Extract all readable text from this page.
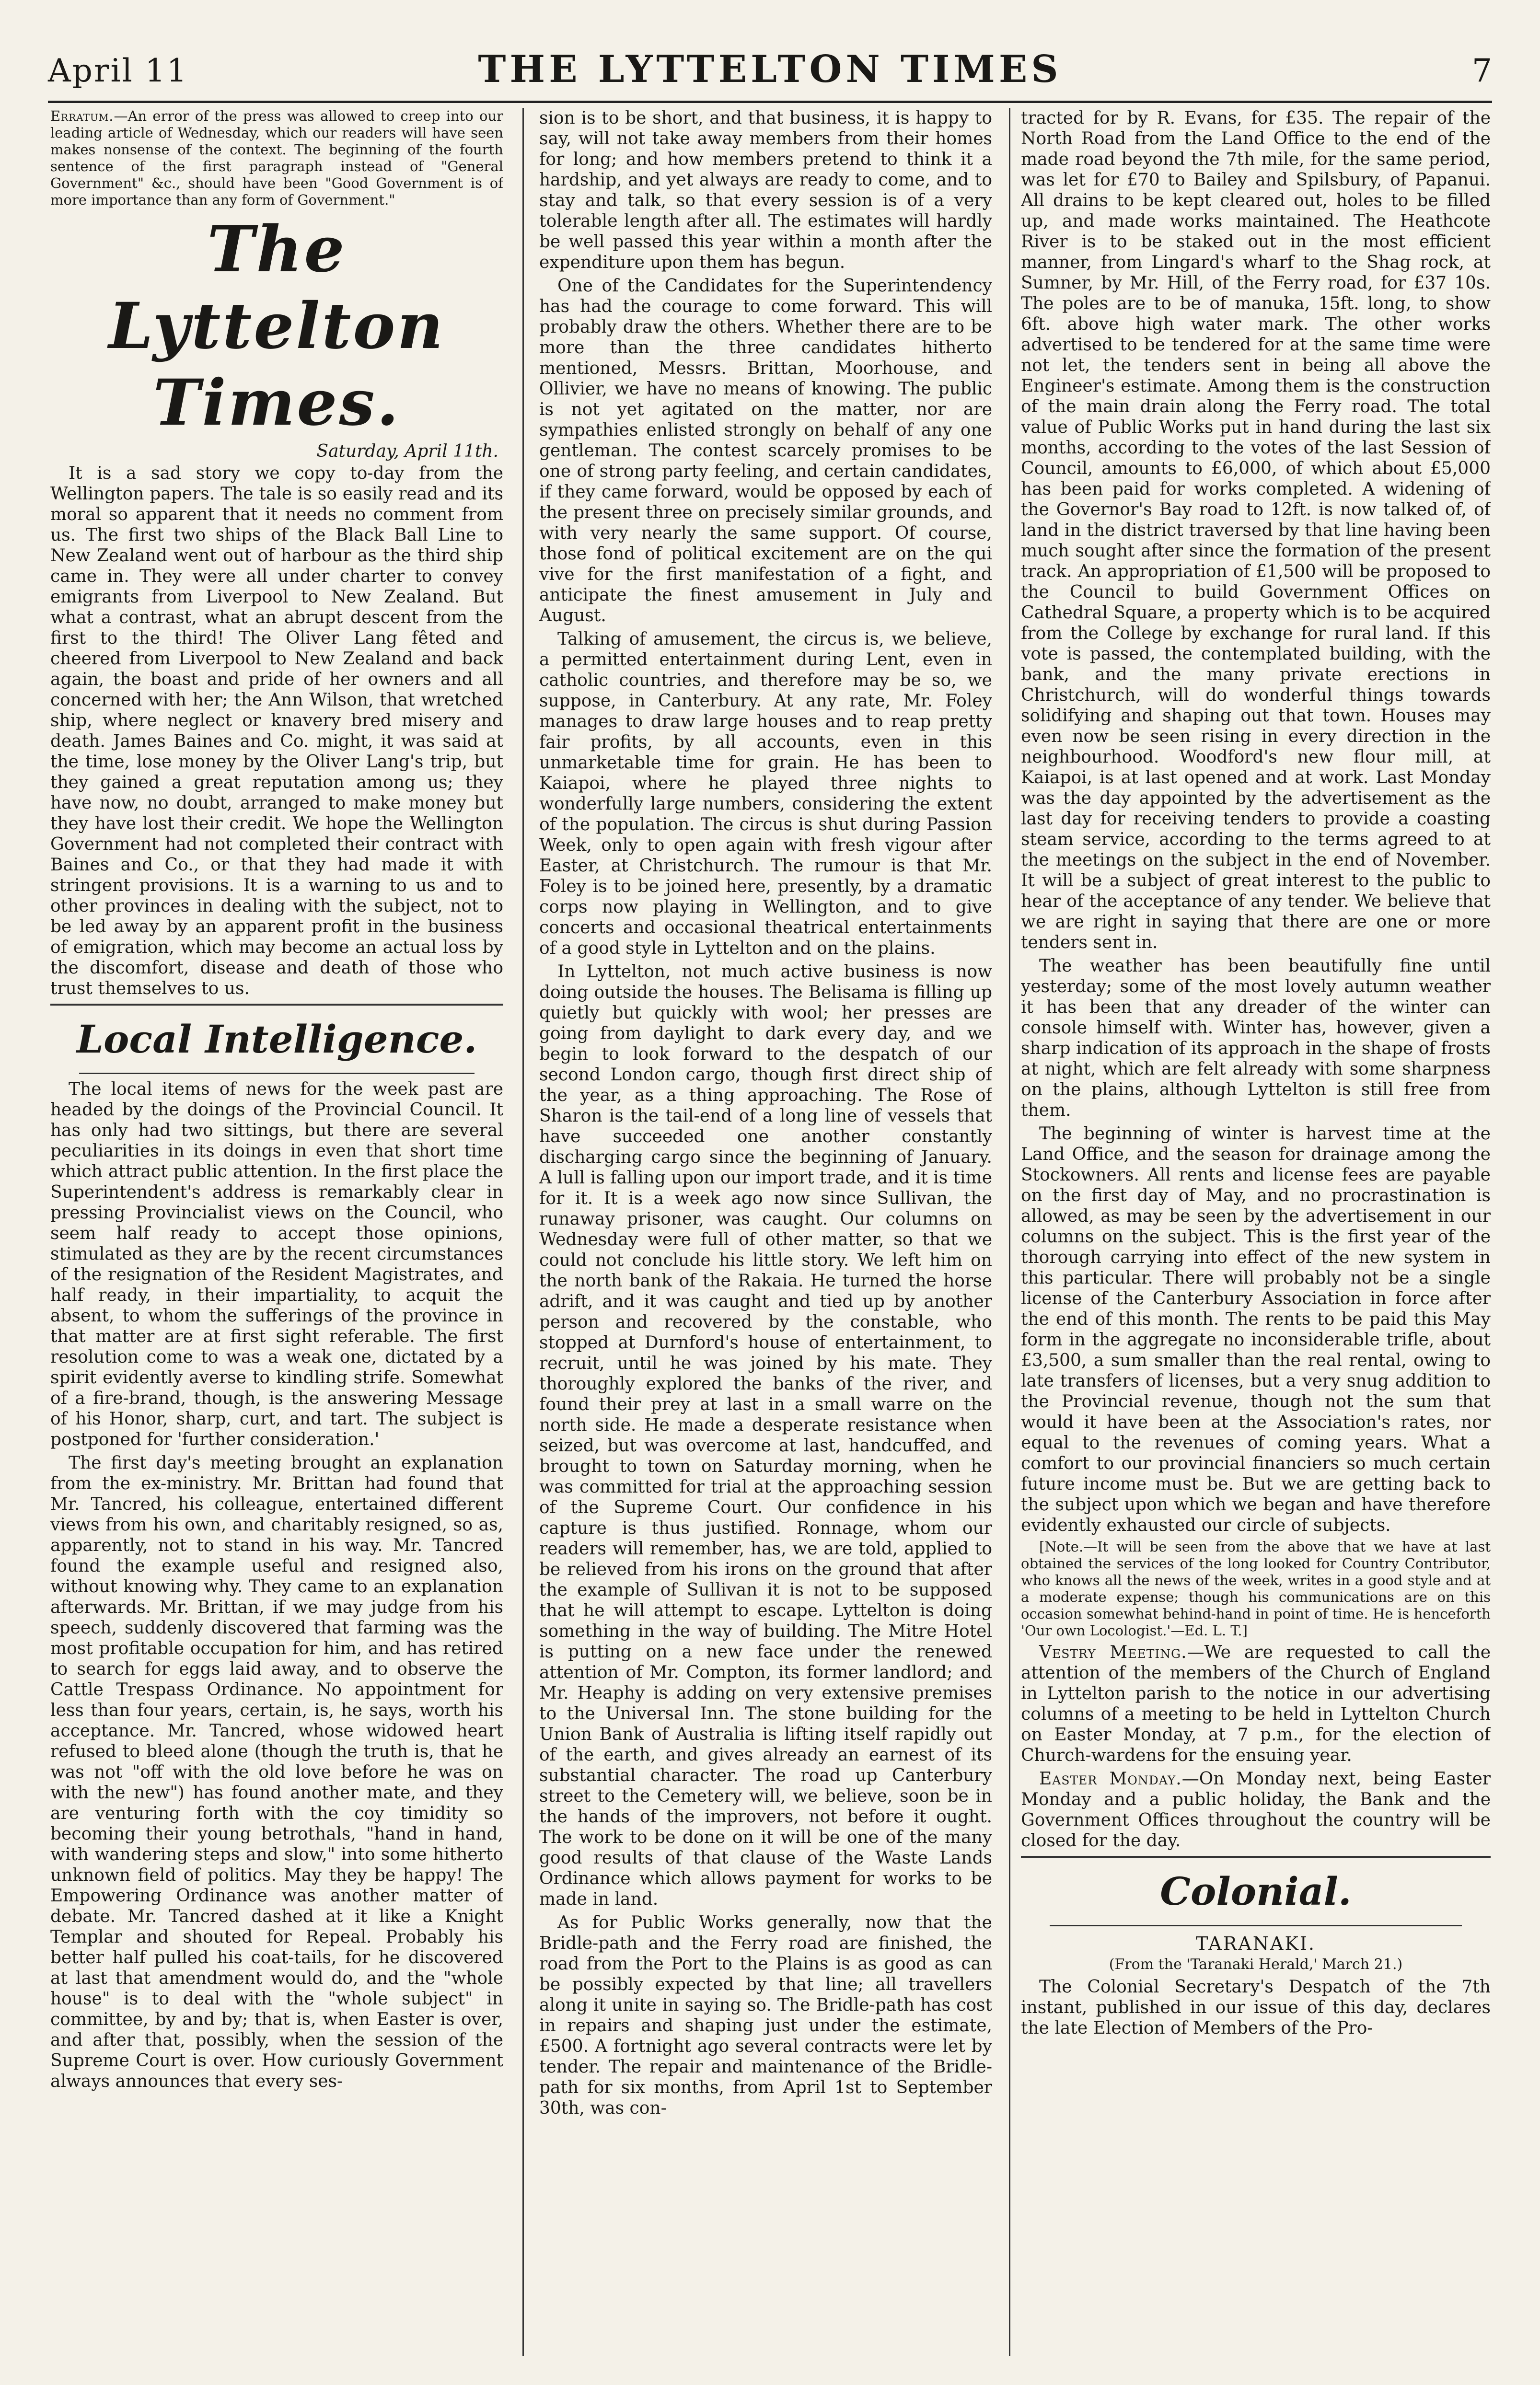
April 11	THE LYTTELTON TIMES	7

Erratum.—An error of the press was allowed to creep into our leading article of Wednesday, which our readers will have seen makes nonsense of the context. The beginning of the fourth sentence of the first paragraph instead of "General Government" &c., should have been "Good Government is of more importance than any form of Government."

The Lyttelton Times.
Saturday, April 11th.

It is a sad story we copy to-day from the Wellington papers. The tale is so easily read and its moral so apparent that it needs no comment from us. The first two ships of the Black Ball Line to New Zealand went out of harbour as the third ship came in. They were all under charter to convey emigrants from Liverpool to New Zealand. But what a contrast, what an abrupt descent from the first to the third! The Oliver Lang fêted and cheered from Liverpool to New Zealand and back again, the boast and pride of her owners and all concerned with her; the Ann Wilson, that wretched ship, where neglect or knavery bred misery and death. James Baines and Co. might, it was said at the time, lose money by the Oliver Lang's trip, but they gained a great reputation among us; they have now, no doubt, arranged to make money but they have lost their credit. We hope the Wellington Government had not completed their contract with Baines and Co., or that they had made it with stringent provisions. It is a warning to us and to other provinces in dealing with the subject, not to be led away by an apparent profit in the business of emigration, which may become an actual loss by the discomfort, disease and death of those who trust themselves to us.

Local Intelligence.

The local items of news for the week past are headed by the doings of the Provincial Council. It has only had two sittings, but there are several peculiarities in its doings in even that short time which attract public attention. In the first place the Superintendent's address is remarkably clear in pressing Provincialist views on the Council, who seem half ready to accept those opinions, stimulated as they are by the recent circumstances of the resignation of the Resident Magistrates, and half ready, in their impartiality, to acquit the absent, to whom the sufferings of the province in that matter are at first sight referable. The first resolution come to was a weak one, dictated by a spirit evidently averse to kindling strife. Somewhat of a fire-brand, though, is the answering Message of his Honor, sharp, curt, and tart. The subject is postponed for 'further consideration.'

The first day's meeting brought an explanation from the ex-ministry. Mr. Brittan had found that Mr. Tancred, his colleague, entertained different views from his own, and charitably resigned, so as, apparently, not to stand in his way. Mr. Tancred found the example useful and resigned also, without knowing why. They came to an explanation afterwards. Mr. Brittan, if we may judge from his speech, suddenly discovered that farming was the most profitable occupation for him, and has retired to search for eggs laid away, and to observe the Cattle Trespass Ordinance. No appointment for less than four years, certain, is, he says, worth his acceptance. Mr. Tancred, whose widowed heart refused to bleed alone (though the truth is, that he was not "off with the old love before he was on with the new") has found another mate, and they are venturing forth with the coy timidity so becoming their young betrothals, "hand in hand, with wandering steps and slow," into some hitherto unknown field of politics. May they be happy! The Empowering Ordinance was another matter of debate. Mr. Tancred dashed at it like a Knight Templar and shouted for Repeal. Probably his better half pulled his coat-tails, for he discovered at last that amendment would do, and the "whole house" is to deal with the "whole subject" in committee, by and by; that is, when Easter is over, and after that, possibly, when the session of the Supreme Court is over. How curiously Government always announces that every ses-

sion is to be short, and that business, it is happy to say, will not take away members from their homes for long; and how members pretend to think it a hardship, and yet always are ready to come, and to stay and talk, so that every session is of a very tolerable length after all. The estimates will hardly be well passed this year within a month after the expenditure upon them has begun.

One of the Candidates for the Superintendency has had the courage to come forward. This will probably draw the others. Whether there are to be more than the three candidates hitherto mentioned, Messrs. Brittan, Moorhouse, and Ollivier, we have no means of knowing. The public is not yet agitated on the matter, nor are sympathies enlisted strongly on behalf of any one gentleman. The contest scarcely promises to be one of strong party feeling, and certain candidates, if they came forward, would be opposed by each of the present three on precisely similar grounds, and with very nearly the same support. Of course, those fond of political excitement are on the qui vive for the first manifestation of a fight, and anticipate the finest amusement in July and August.

Talking of amusement, the circus is, we believe, a permitted entertainment during Lent, even in catholic countries, and therefore may be so, we suppose, in Canterbury. At any rate, Mr. Foley manages to draw large houses and to reap pretty fair profits, by all accounts, even in this unmarketable time for grain. He has been to Kaiapoi, where he played three nights to wonderfully large numbers, considering the extent of the population. The circus is shut during Passion Week, only to open again with fresh vigour after Easter, at Christchurch. The rumour is that Mr. Foley is to be joined here, presently, by a dramatic corps now playing in Wellington, and to give concerts and occasional theatrical entertainments of a good style in Lyttelton and on the plains.

In Lyttelton, not much active business is now doing outside the houses. The Belisama is filling up quietly but quickly with wool; her presses are going from daylight to dark every day, and we begin to look forward to the despatch of our second London cargo, though first direct ship of the year, as a thing approaching. The Rose of Sharon is the tail-end of a long line of vessels that have succeeded one another constantly discharging cargo since the beginning of January. A lull is falling upon our import trade, and it is time for it. It is a week ago now since Sullivan, the runaway prisoner, was caught. Our columns on Wednesday were full of other matter, so that we could not conclude his little story. We left him on the north bank of the Rakaia. He turned the horse adrift, and it was caught and tied up by another person and recovered by the constable, who stopped at Durnford's house of entertainment, to recruit, until he was joined by his mate. They thoroughly explored the banks of the river, and found their prey at last in a small warre on the north side. He made a desperate resistance when seized, but was overcome at last, handcuffed, and brought to town on Saturday morning, when he was committed for trial at the approaching session of the Supreme Court. Our confidence in his capture is thus justified. Ronnage, whom our readers will remember, has, we are told, applied to be relieved from his irons on the ground that after the example of Sullivan it is not to be supposed that he will attempt to escape. Lyttelton is doing something in the way of building. The Mitre Hotel is putting on a new face under the renewed attention of Mr. Compton, its former landlord; and Mr. Heaphy is adding on very extensive premises to the Universal Inn. The stone building for the Union Bank of Australia is lifting itself rapidly out of the earth, and gives already an earnest of its substantial character. The road up Canterbury street to the Cemetery will, we believe, soon be in the hands of the improvers, not before it ought. The work to be done on it will be one of the many good results of that clause of the Waste Lands Ordinance which allows payment for works to be made in land.

As for Public Works generally, now that the Bridle-path and the Ferry road are finished, the road from the Port to the Plains is as good as can be possibly expected by that line; all travellers along it unite in saying so. The Bridle-path has cost in repairs and shaping just under the estimate, £500. A fortnight ago several contracts were let by tender. The repair and maintenance of the Bridle-path for six months, from April 1st to September 30th, was con-

tracted for by R. Evans, for £35. The repair of the North Road from the Land Office to the end of the made road beyond the 7th mile, for the same period, was let for £70 to Bailey and Spilsbury, of Papanui. All drains to be kept cleared out, holes to be filled up, and made works maintained. The Heathcote River is to be staked out in the most efficient manner, from Lingard's wharf to the Shag rock, at Sumner, by Mr. Hill, of the Ferry road, for £37 10s. The poles are to be of manuka, 15ft. long, to show 6ft. above high water mark. The other works advertised to be tendered for at the same time were not let, the tenders sent in being all above the Engineer's estimate. Among them is the construction of the main drain along the Ferry road. The total value of Public Works put in hand during the last six months, according to the votes of the last Session of Council, amounts to £6,000, of which about £5,000 has been paid for works completed. A widening of the Governor's Bay road to 12ft. is now talked of, of land in the district traversed by that line having been much sought after since the formation of the present track. An appropriation of £1,500 will be proposed to the Council to build Government Offices on Cathedral Square, a property which is to be acquired from the College by exchange for rural land. If this vote is passed, the contemplated building, with the bank, and the many private erections in Christchurch, will do wonderful things towards solidifying and shaping out that town. Houses may even now be seen rising in every direction in the neighbourhood. Woodford's new flour mill, at Kaiapoi, is at last opened and at work. Last Monday was the day appointed by the advertisement as the last day for receiving tenders to provide a coasting steam service, according to the terms agreed to at the meetings on the subject in the end of November. It will be a subject of great interest to the public to hear of the acceptance of any tender. We believe that we are right in saying that there are one or more tenders sent in.

The weather has been beautifully fine until yesterday; some of the most lovely autumn weather it has been that any dreader of the winter can console himself with. Winter has, however, given a sharp indication of its approach in the shape of frosts at night, which are felt already with some sharpness on the plains, although Lyttelton is still free from them.

The beginning of winter is harvest time at the Land Office, and the season for drainage among the Stockowners. All rents and license fees are payable on the first day of May, and no procrastination is allowed, as may be seen by the advertisement in our columns on the subject. This is the first year of the thorough carrying into effect of the new system in this particular. There will probably not be a single license of the Canterbury Association in force after the end of this month. The rents to be paid this May form in the aggregate no inconsiderable trifle, about £3,500, a sum smaller than the real rental, owing to late transfers of licenses, but a very snug addition to the Provincial revenue, though not the sum that would it have been at the Association's rates, nor equal to the revenues of coming years. What a comfort to our provincial financiers so much certain future income must be. But we are getting back to the subject upon which we began and have therefore evidently exhausted our circle of subjects.

[Note.—It will be seen from the above that we have at last obtained the services of the long looked for Country Contributor, who knows all the news of the week, writes in a good style and at a moderate expense; though his communications are on this occasion somewhat behind-hand in point of time. He is henceforth 'Our own Locologist.'—Ed. L. T.]

Vestry Meeting.—We are requested to call the attention of the members of the Church of England in Lyttelton parish to the notice in our advertising columns of a meeting to be held in Lyttelton Church on Easter Monday, at 7 p.m., for the election of Church-wardens for the ensuing year.

Easter Monday.—On Monday next, being Easter Monday and a public holiday, the Bank and the Government Offices throughout the country will be closed for the day.

Colonial.
TARANAKI.
(From the 'Taranaki Herald,' March 21.)

The Colonial Secretary's Despatch of the 7th instant, published in our issue of this day, declares the late Election of Members of the Pro-
